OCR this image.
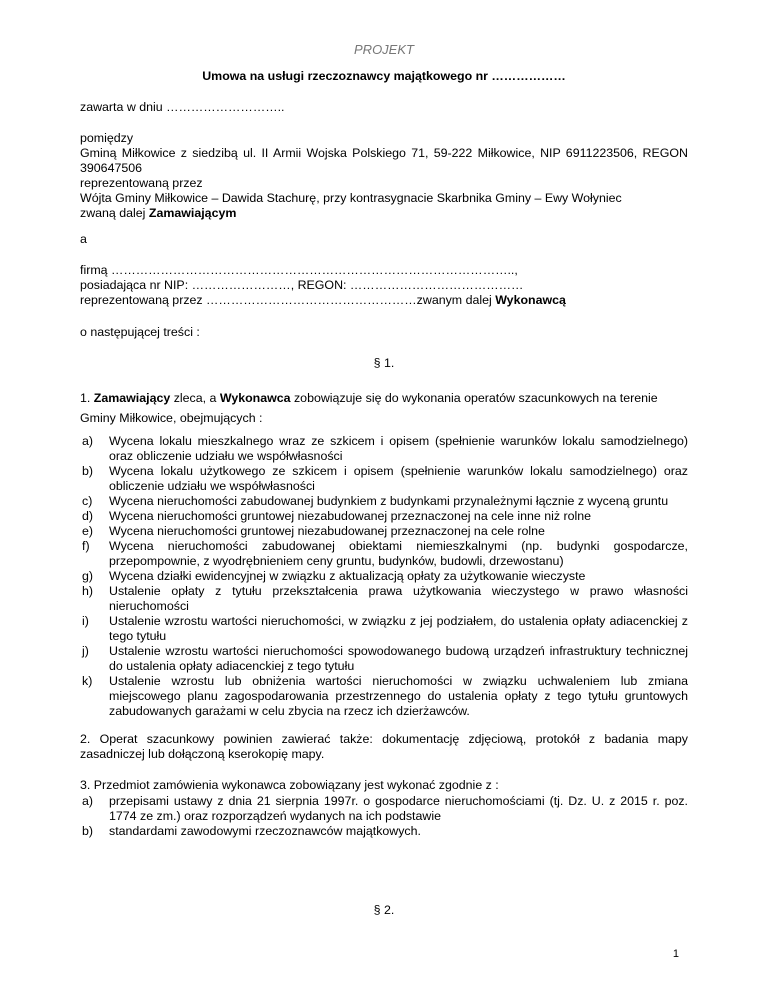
PROJEKT

Umowa na usługi rzeczoznawcy majątkowego nr ………………

zawarta w dniu ………………………..

pomiędzy
Gminą Miłkowice z siedzibą ul. II Armii Wojska Polskiego 71, 59-222 Miłkowice, NIP 6911223506, REGON 390647506
reprezentowaną przez
Wójta Gminy Miłkowice – Dawida Stachurę, przy kontrasygnacie Skarbnika Gminy – Ewy Wołyniec
zwaną dalej Zamawiającym

a

firmą ……………………………………………………………………………………..,
posiadająca nr NIP: ……………………, REGON: ……………………………………
reprezentowaną przez ……………………………………………zwanym dalej Wykonawcą

o następującej treści :

§ 1.

1. Zamawiający zleca, a Wykonawca zobowiązuje się do wykonania operatów szacunkowych na terenie Gminy Miłkowice, obejmujących :

a) Wycena lokalu mieszkalnego wraz ze szkicem i opisem (spełnienie warunków lokalu samodzielnego) oraz obliczenie udziału we współwłasności
b) Wycena lokalu użytkowego ze szkicem i opisem (spełnienie warunków lokalu samodzielnego) oraz obliczenie udziału we współwłasności
c) Wycena nieruchomości zabudowanej budynkiem z budynkami przynależnymi łącznie z wyceną gruntu
d) Wycena nieruchomości gruntowej niezabudowanej przeznaczonej na cele inne niż rolne
e) Wycena nieruchomości gruntowej niezabudowanej przeznaczonej na cele rolne
f) Wycena nieruchomości zabudowanej obiektami niemieszkalnymi (np. budynki gospodarcze, przepompownie, z wyodrębnieniem ceny gruntu, budynków, budowli, drzewostanu)
g) Wycena działki ewidencyjnej w związku z aktualizacją opłaty za użytkowanie wieczyste
h) Ustalenie opłaty z tytułu przekształcenia prawa użytkowania wieczystego w prawo własności nieruchomości
i) Ustalenie wzrostu wartości nieruchomości, w związku z jej podziałem, do ustalenia opłaty adiacenckiej z tego tytułu
j) Ustalenie wzrostu wartości nieruchomości spowodowanego budową urządzeń infrastruktury technicznej do ustalenia opłaty adiacenckiej z tego tytułu
k) Ustalenie wzrostu lub obniżenia wartości nieruchomości w związku uchwaleniem lub zmiana miejscowego planu zagospodarowania przestrzennego do ustalenia opłaty z tego tytułu gruntowych zabudowanych garażami w celu zbycia na rzecz ich dzierżawców.

2. Operat szacunkowy powinien zawierać także: dokumentację zdjęciową, protokół z badania mapy zasadniczej lub dołączoną kserokopię mapy.

3. Przedmiot zamówienia wykonawca zobowiązany jest wykonać zgodnie z :

a) przepisami ustawy z dnia 21 sierpnia 1997r. o gospodarce nieruchomościami (tj. Dz. U. z 2015 r. poz. 1774 ze zm.) oraz rozporządzeń wydanych na ich podstawie
b) standardami zawodowymi rzeczoznawców majątkowych.

§ 2.

1
